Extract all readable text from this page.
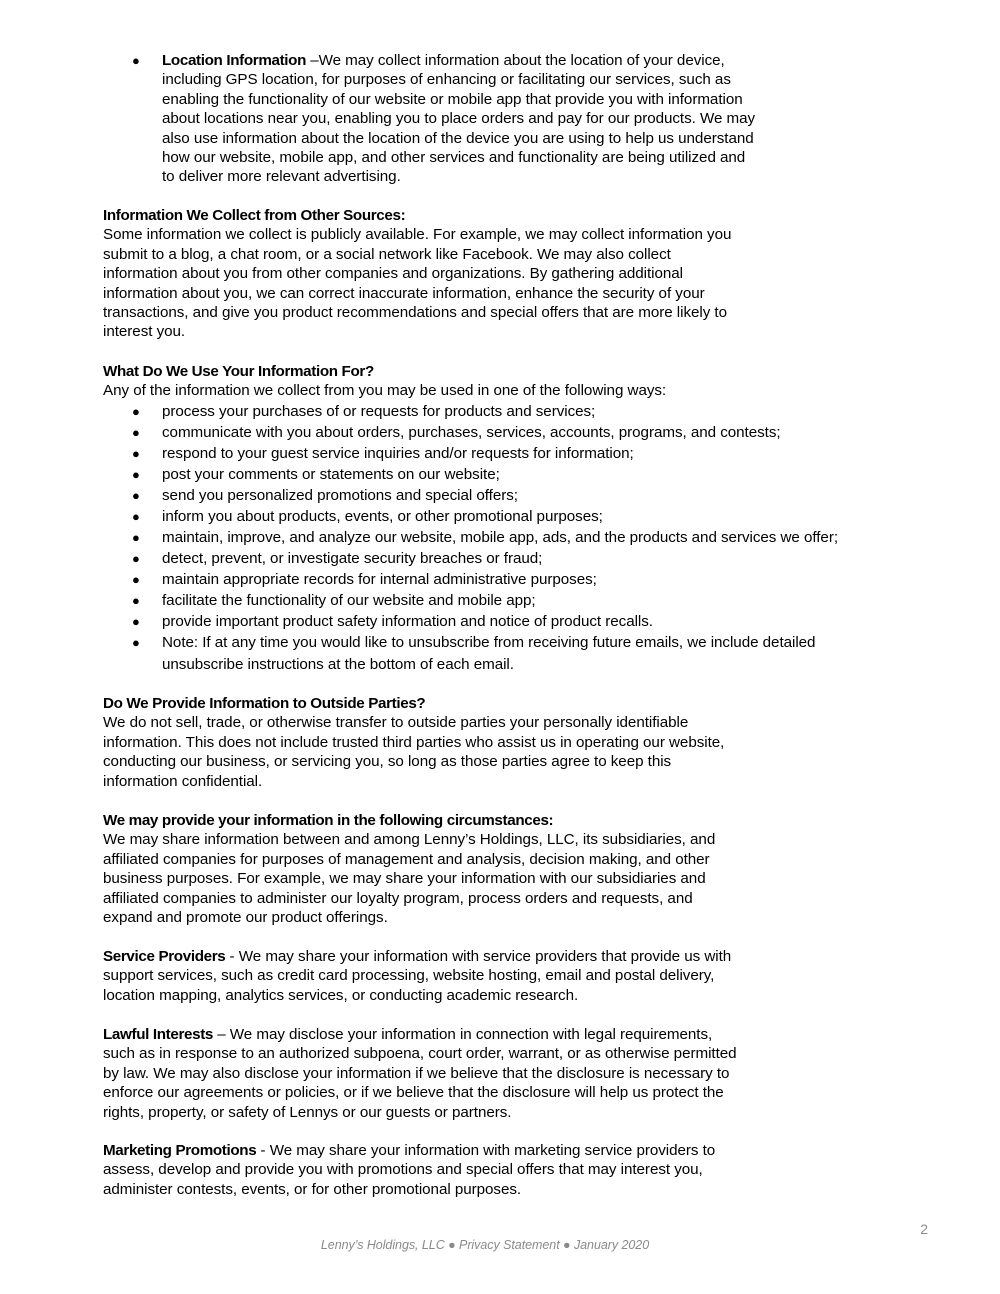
● Location Information –We may collect information about the location of your device,
including GPS location, for purposes of enhancing or facilitating our services, such as
enabling the functionality of our website or mobile app that provide you with information
about locations near you, enabling you to place orders and pay for our products. We may
also use information about the location of the device you are using to help us understand
how our website, mobile app, and other services and functionality are being utilized and
to deliver more relevant advertising.

Information We Collect from Other Sources:

Some information we collect is publicly available. For example, we may collect information you
submit to a blog, a chat room, or a social network like Facebook. We may also collect
information about you from other companies and organizations. By gathering additional
information about you, we can correct inaccurate information, enhance the security of your
transactions, and give you product recommendations and special offers that are more likely to
interest you.

What Do We Use Your Information For?
Any of the information we collect from you may be used in one of the following ways:
● process your purchases of or requests for products and services;
● communicate with you about orders, purchases, services, accounts, programs, and contests;
● respond to your guest service inquiries and/or requests for information;
● post your comments or statements on our website;
● send you personalized promotions and special offers;
● inform you about products, events, or other promotional purposes;
● maintain, improve, and analyze our website, mobile app, ads, and the products and services we offer;
● detect, prevent, or investigate security breaches or fraud;
● maintain appropriate records for internal administrative purposes;
● facilitate the functionality of our website and mobile app;
● provide important product safety information and notice of product recalls.
● Note: If at any time you would like to unsubscribe from receiving future emails, we include detailed
unsubscribe instructions at the bottom of each email.
Do We Provide Information to Outside Parties?

We do not sell, trade, or otherwise transfer to outside parties your personally identifiable
information. This does not include trusted third parties who assist us in operating our website,
conducting our business, or servicing you, so long as those parties agree to keep this
information confidential.

We may provide your information in the following circumstances:

We may share information between and among Lenny’s Holdings, LLC, its subsidiaries, and
affiliated companies for purposes of management and analysis, decision making, and other
business purposes. For example, we may share your information with our subsidiaries and
affiliated companies to administer our loyalty program, process orders and requests, and
expand and promote our product offerings.

Service Providers - We may share your information with service providers that provide us with
support services, such as credit card processing, website hosting, email and postal delivery,
location mapping, analytics services, or conducting academic research.

Lawful Interests – We may disclose your information in connection with legal requirements,
such as in response to an authorized subpoena, court order, warrant, or as otherwise permitted
by law. We may also disclose your information if we believe that the disclosure is necessary to
enforce our agreements or policies, or if we believe that the disclosure will help us protect the
rights, property, or safety of Lennys or our guests or partners.

Marketing Promotions - We may share your information with marketing service providers to
assess, develop and provide you with promotions and special offers that may interest you,
administer contests, events, or for other promotional purposes.

2
Lenny’s Holdings, LLC ● Privacy Statement ● January 2020
